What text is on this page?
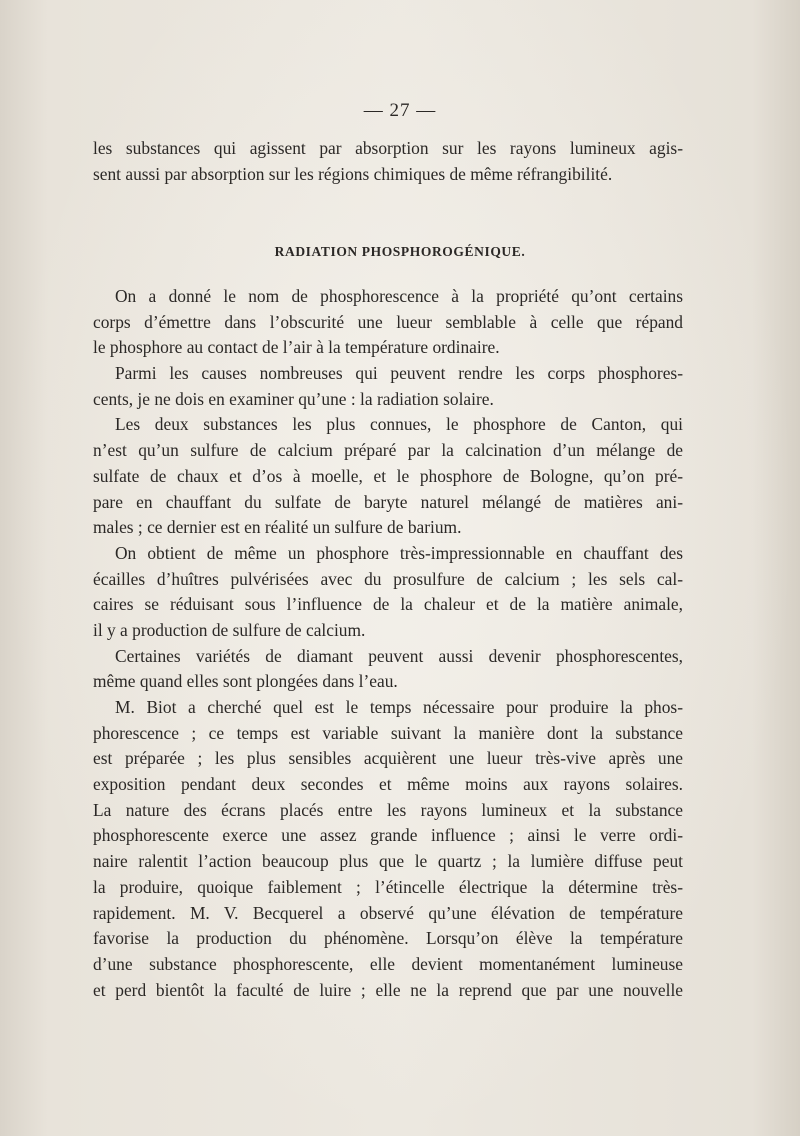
— 27 —
les substances qui agissent par absorption sur les rayons lumineux agis-
sent aussi par absorption sur les régions chimiques de même réfrangibilité.
RADIATION PHOSPHOROGÉNIQUE.
On a donné le nom de phosphorescence à la propriété qu’ont certains
corps d’émettre dans l’obscurité une lueur semblable à celle que répand
le phosphore au contact de l’air à la température ordinaire.
Parmi les causes nombreuses qui peuvent rendre les corps phosphores-
cents, je ne dois en examiner qu’une : la radiation solaire.
Les deux substances les plus connues, le phosphore de Canton, qui
n’est qu’un sulfure de calcium préparé par la calcination d’un mélange de
sulfate de chaux et d’os à moelle, et le phosphore de Bologne, qu’on pré-
pare en chauffant du sulfate de baryte naturel mélangé de matières ani-
males ; ce dernier est en réalité un sulfure de barium.
On obtient de même un phosphore très-impressionnable en chauffant des
écailles d’huîtres pulvérisées avec du prosulfure de calcium ; les sels cal-
caires se réduisant sous l’influence de la chaleur et de la matière animale,
il y a production de sulfure de calcium.
Certaines variétés de diamant peuvent aussi devenir phosphorescentes,
même quand elles sont plongées dans l’eau.
M. Biot a cherché quel est le temps nécessaire pour produire la phos-
phorescence ; ce temps est variable suivant la manière dont la substance
est préparée ; les plus sensibles acquièrent une lueur très-vive après une
exposition pendant deux secondes et même moins aux rayons solaires.
La nature des écrans placés entre les rayons lumineux et la substance
phosphorescente exerce une assez grande influence ; ainsi le verre ordi-
naire ralentit l’action beaucoup plus que le quartz ; la lumière diffuse peut
la produire, quoique faiblement ; l’étincelle électrique la détermine très-
rapidement. M. V. Becquerel a observé qu’une élévation de température
favorise la production du phénomène. Lorsqu’on élève la température
d’une substance phosphorescente, elle devient momentanément lumineuse
et perd bientôt la faculté de luire ; elle ne la reprend que par une nouvelle
